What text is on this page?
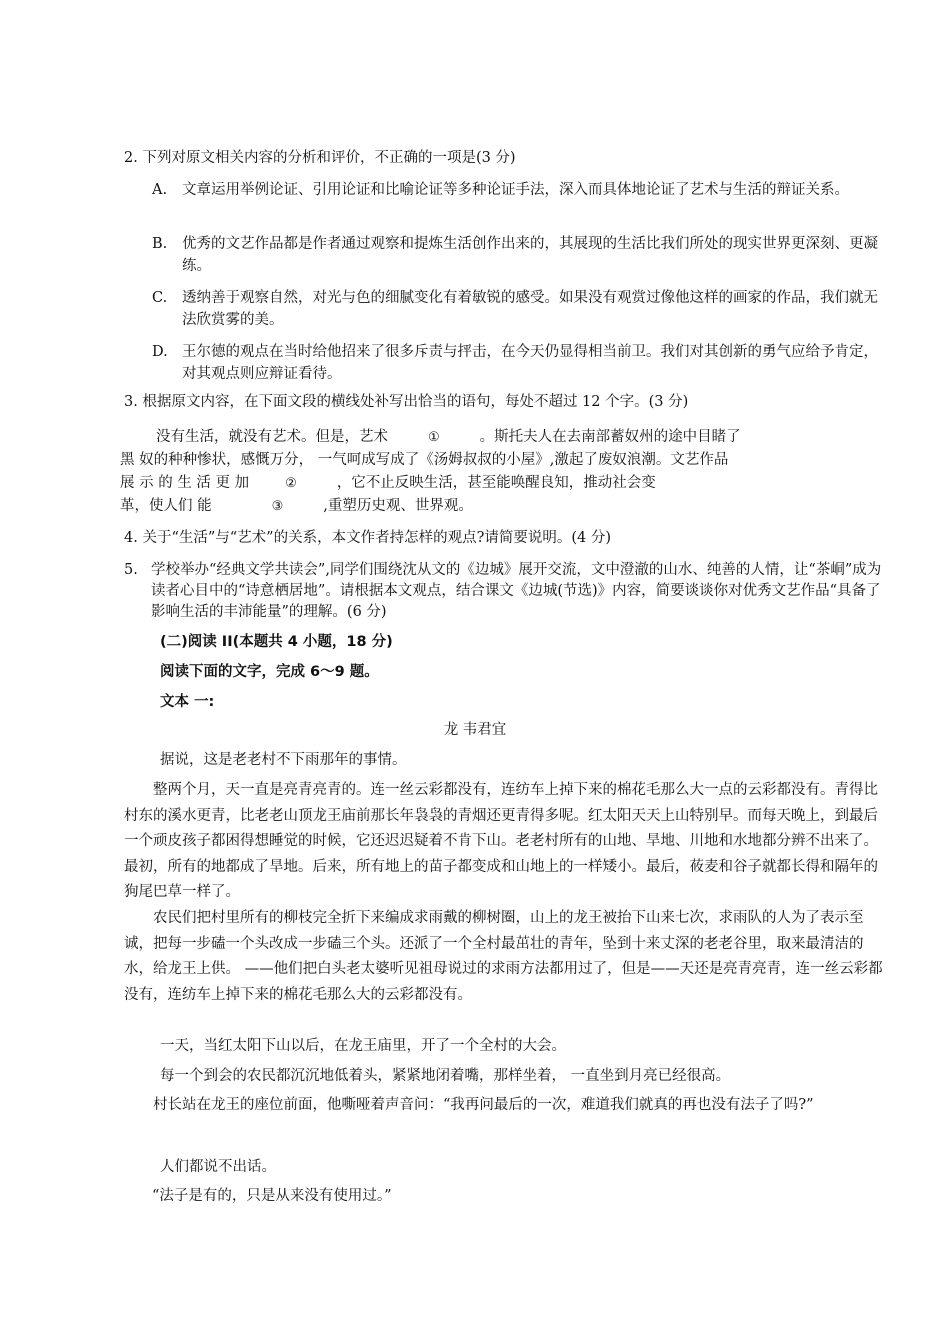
2. 下列对原文相关内容的分析和评价，不正确的一项是(3 分)
A. 文章运用举例论证、引用论证和比喻论证等多种论证手法，深入而具体地论证了艺术与生活的辩证关系。
B. 优秀的文艺作品都是作者通过观察和提炼生活创作出来的，其展现的生活比我们所处的现实世界更深刻、更凝练。
C. 透纳善于观察自然，对光与色的细腻变化有着敏锐的感受。如果没有观赏过像他这样的画家的作品，我们就无法欣赏雾的美。
D. 王尔德的观点在当时给他招来了很多斥责与抨击，在今天仍显得相当前卫。我们对其创新的勇气应给予肯定，对其观点则应辩证看待。
3. 根据原文内容，在下面文段的横线处补写出恰当的语句，每处不超过 12 个字。(3 分)
没有生活，就没有艺术。但是，艺术	①	。斯托夫人在去南部蓄奴州的途中目睹了
黑 奴的种种惨状，感慨万分， 一气呵成写成了《汤姆叔叔的小屋》,激起了废奴浪潮。文艺作品
展 示 的 生 活 更 加	②	，它不止反映生活，甚至能唤醒良知，推动社会变
革，使人们 能	③	,重塑历史观、世界观。
4. 关于“生活”与“艺术”的关系，本文作者持怎样的观点?请简要说明。(4 分)
5. 学校举办“经典文学共读会”,同学们围绕沈从文的《边城》展开交流，文中澄澈的山水、纯善的人情，让“茶峒”成为读者心目中的“诗意栖居地”。请根据本文观点，结合课文《边城(节选)》内容，简要谈谈你对优秀文艺作品“具备了影响生活的丰沛能量”的理解。(6 分)
(二)阅读 II(本题共 4 小题，18 分)
阅读下面的文字，完成 6～9 题。
文本 一:
龙 韦君宜
据说，这是老老村不下雨那年的事情。
整两个月，天一直是亮青亮青的。连一丝云彩都没有，连纺车上掉下来的棉花毛那么大一点的云彩都没有。青得比村东的溪水更青，比老老山顶龙王庙前那长年袅袅的青烟还更青得多呢。红太阳天天上山特别早。而每天晚上，到最后一个顽皮孩子都困得想睡觉的时候，它还迟迟疑着不肯下山。老老村所有的山地、旱地、川地和水地都分辨不出来了。最初，所有的地都成了旱地。后来，所有地上的苗子都变成和山地上的一样矮小。最后，莜麦和谷子就都长得和隔年的狗尾巴草一样了。
农民们把村里所有的柳枝完全折下来编成求雨戴的柳树圈，山上的龙王被抬下山来七次，求雨队的人为了表示至诚，把每一步磕一个头改成一步磕三个头。还派了一个全村最茁壮的青年，坠到十来丈深的老老谷里，取来最清洁的水，给龙王上供。 ——他们把白头老太婆听见祖母说过的求雨方法都用过了，但是——天还是亮青亮青，连一丝云彩都没有，连纺车上掉下来的棉花毛那么大的云彩都没有。
一天，当红太阳下山以后，在龙王庙里，开了一个全村的大会。
每一个到会的农民都沉沉地低着头，紧紧地闭着嘴，那样坐着， 一直坐到月亮已经很高。
村长站在龙王的座位前面，他嘶哑着声音问：“我再问最后的一次，难道我们就真的再也没有法子了吗?”
人们都说不出话。
“法子是有的，只是从来没有使用过。”
